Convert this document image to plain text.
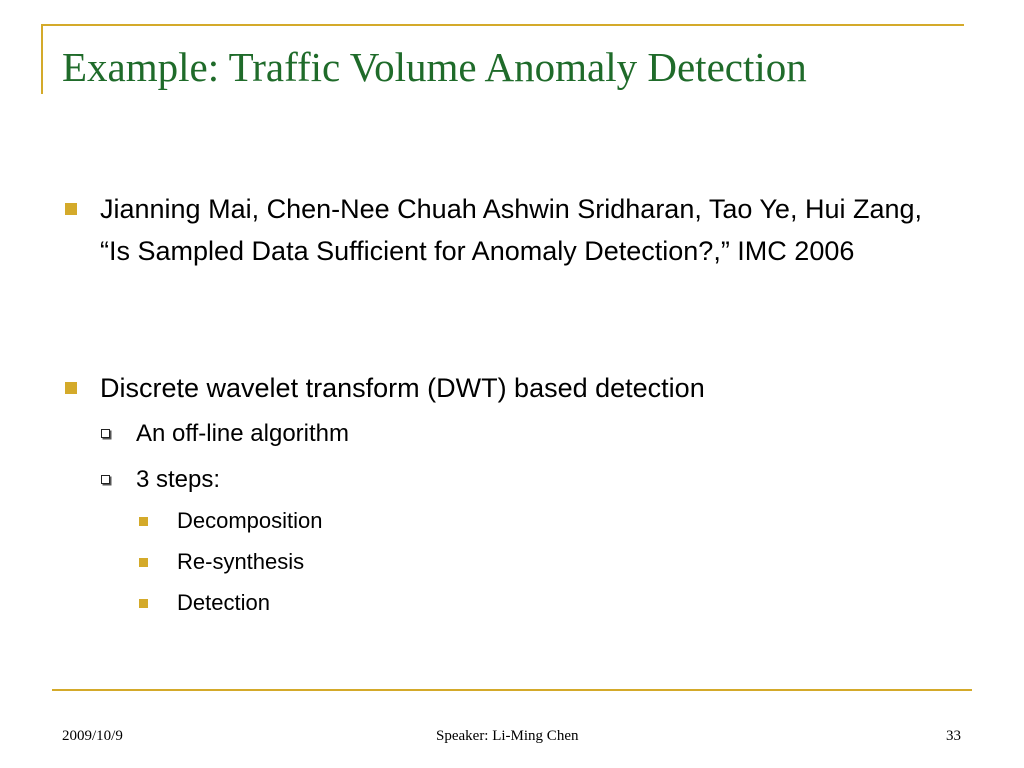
Example: Traffic Volume Anomaly Detection
Jianning Mai, Chen-Nee Chuah Ashwin Sridharan, Tao Ye, Hui Zang, “Is Sampled Data Sufficient for Anomaly Detection?,” IMC 2006
Discrete wavelet transform (DWT) based detection
An off-line algorithm
3 steps:
Decomposition
Re-synthesis
Detection
2009/10/9	Speaker: Li-Ming Chen	33
